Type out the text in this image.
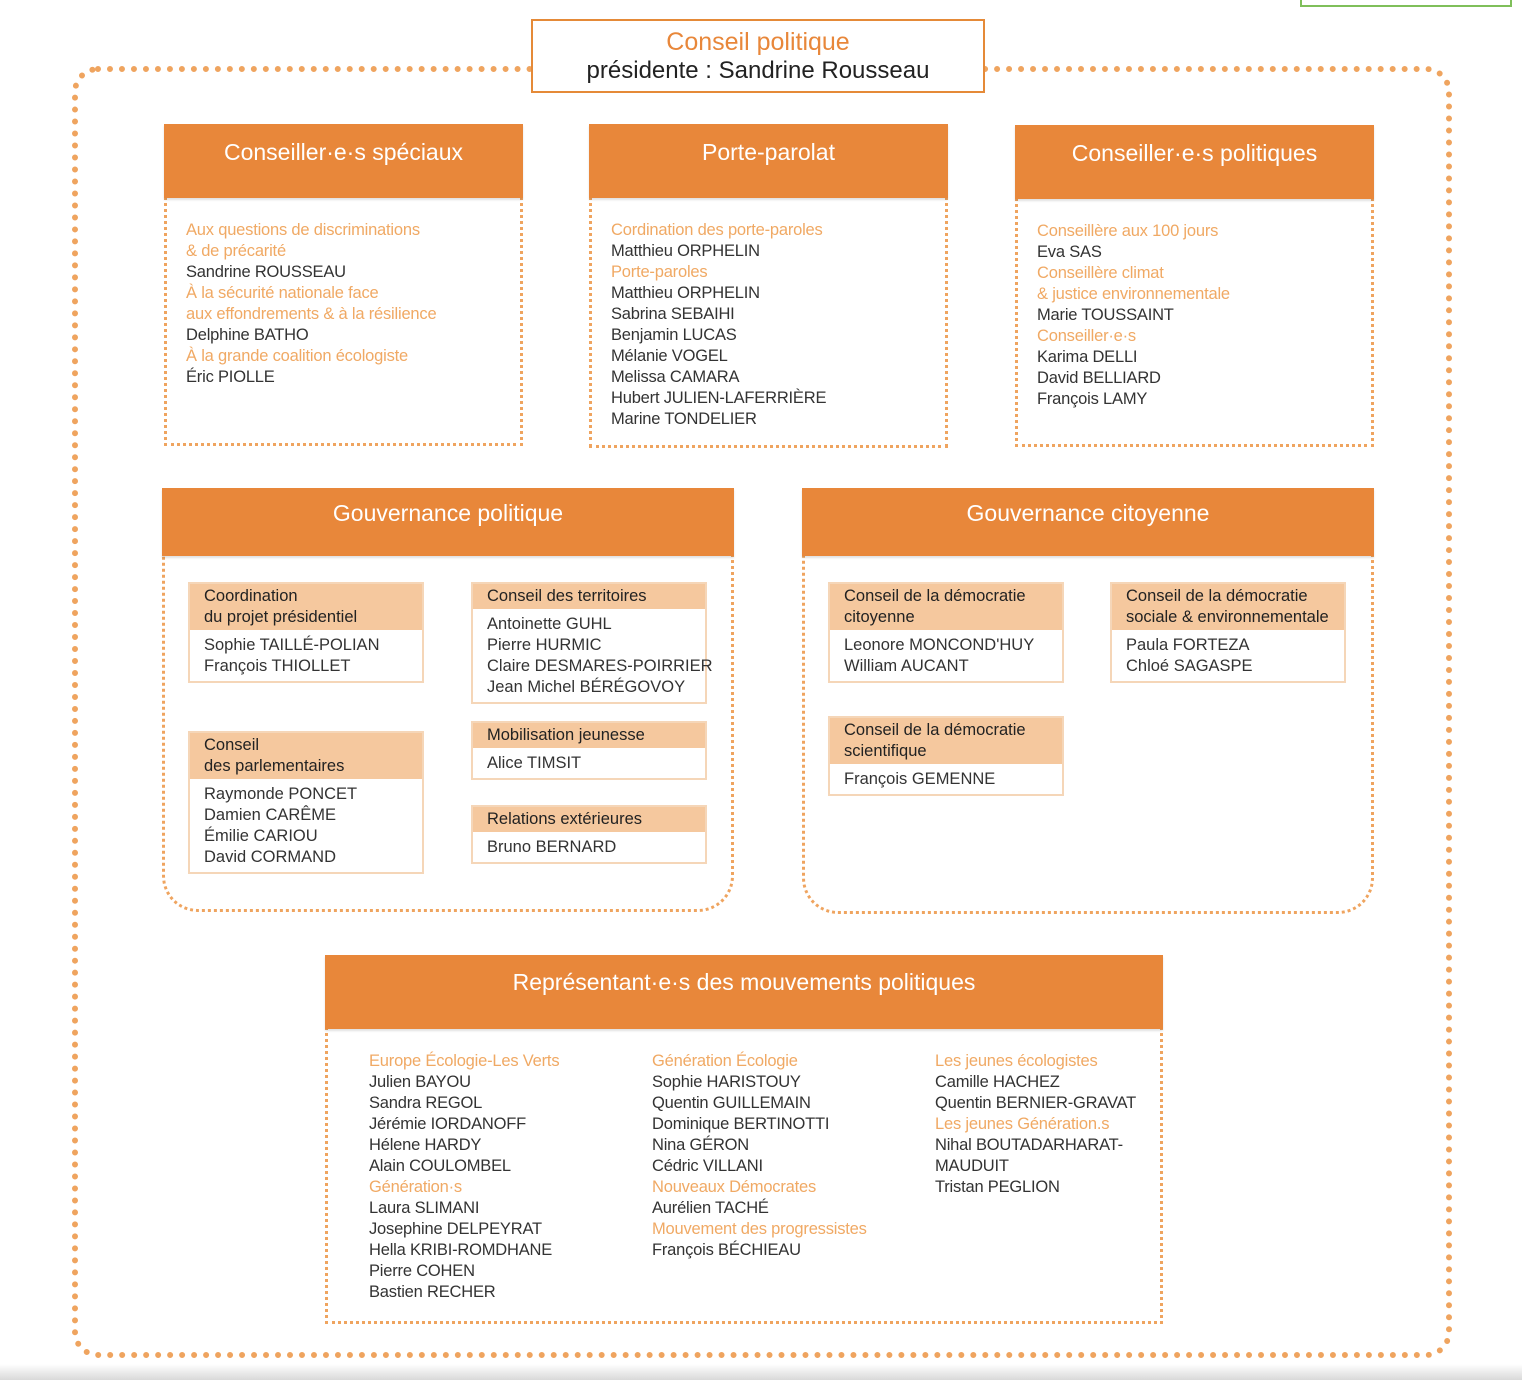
Conseil politique
présidente : Sandrine Rousseau
Conseiller·e·s spéciaux
Aux questions de discriminations
& de précarité
Sandrine ROUSSEAU
À la sécurité nationale face
aux effondrements & à la résilience
Delphine BATHO
À la grande coalition écologiste
Éric PIOLLE
Porte-parolat
Cordination des porte-paroles
Matthieu ORPHELIN
Porte-paroles
Matthieu ORPHELIN
Sabrina SEBAIHI
Benjamin LUCAS
Mélanie VOGEL
Melissa CAMARA
Hubert JULIEN-LAFERRIÈRE
Marine TONDELIER
Conseiller·e·s politiques
Conseillère aux 100 jours
Eva SAS
Conseillère climat
& justice environnementale
Marie TOUSSAINT
Conseiller·e·s
Karima DELLI
David BELLIARD
François LAMY
Gouvernance politique
Coordination
du projet présidentiel
Sophie TAILLÉ-POLIAN
François THIOLLET
Conseil
des parlementaires
Raymonde PONCET
Damien CARÊME
Émilie CARIOU
David CORMAND
Conseil des territoires
Antoinette GUHL
Pierre HURMIC
Claire DESMARES-POIRRIER
Jean Michel BÉRÉGOVOY
Mobilisation jeunesse
Alice TIMSIT
Relations extérieures
Bruno BERNARD
Gouvernance citoyenne
Conseil de la démocratie
citoyenne
Leonore MONCOND'HUY
William AUCANT
Conseil de la démocratie
sociale & environnementale
Paula FORTEZA
Chloé SAGASPE
Conseil de la démocratie
scientifique
François GEMENNE
Représentant·e·s des mouvements politiques
Europe Écologie-Les Verts
Julien BAYOU
Sandra REGOL
Jérémie IORDANOFF
Hélene HARDY
Alain COULOMBEL
Génération·s
Laura SLIMANI
Josephine DELPEYRAT
Hella KRIBI-ROMDHANE
Pierre COHEN
Bastien RECHER
Génération Écologie
Sophie HARISTOUY
Quentin GUILLEMAIN
Dominique BERTINOTTI
Nina GÉRON
Cédric VILLANI
Nouveaux Démocrates
Aurélien TACHÉ
Mouvement des progressistes
François BÉCHIEAU
Les jeunes écologistes
Camille HACHEZ
Quentin BERNIER-GRAVAT
Les jeunes Génération.s
Nihal BOUTADARHARAT-
MAUDUIT
Tristan PEGLION
